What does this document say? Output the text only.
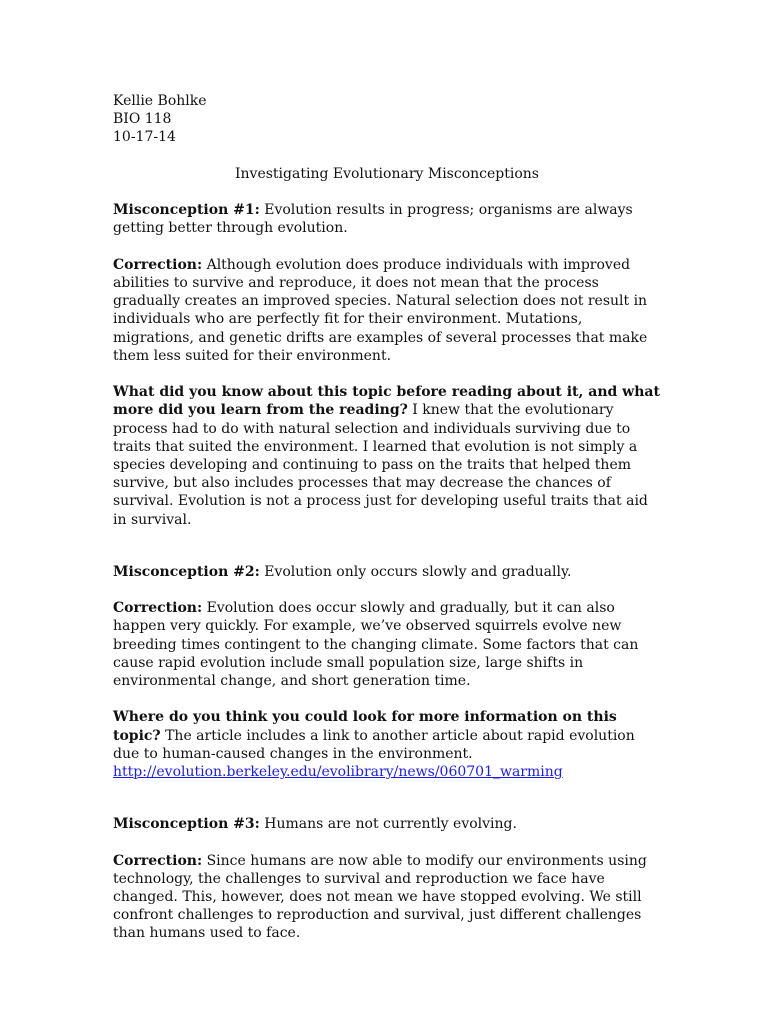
Kellie Bohlke
BIO 118
10-17-14
Investigating Evolutionary Misconceptions

Misconception #1: Evolution results in progress; organisms are always getting better through evolution.

Correction: Although evolution does produce individuals with improved abilities to survive and reproduce, it does not mean that the process gradually creates an improved species. Natural selection does not result in individuals who are perfectly fit for their environment. Mutations, migrations, and genetic drifts are examples of several processes that make them less suited for their environment.

What did you know about this topic before reading about it, and what more did you learn from the reading? I knew that the evolutionary process had to do with natural selection and individuals surviving due to traits that suited the environment. I learned that evolution is not simply a species developing and continuing to pass on the traits that helped them survive, but also includes processes that may decrease the chances of survival. Evolution is not a process just for developing useful traits that aid in survival.

Misconception #2: Evolution only occurs slowly and gradually.

Correction: Evolution does occur slowly and gradually, but it can also happen very quickly. For example, we’ve observed squirrels evolve new breeding times contingent to the changing climate. Some factors that can cause rapid evolution include small population size, large shifts in environmental change, and short generation time.

Where do you think you could look for more information on this topic? The article includes a link to another article about rapid evolution due to human-caused changes in the environment.
http://evolution.berkeley.edu/evolibrary/news/060701_warming

Misconception #3: Humans are not currently evolving.

Correction: Since humans are now able to modify our environments using technology, the challenges to survival and reproduction we face have changed. This, however, does not mean we have stopped evolving. We still confront challenges to reproduction and survival, just different challenges than humans used to face.
